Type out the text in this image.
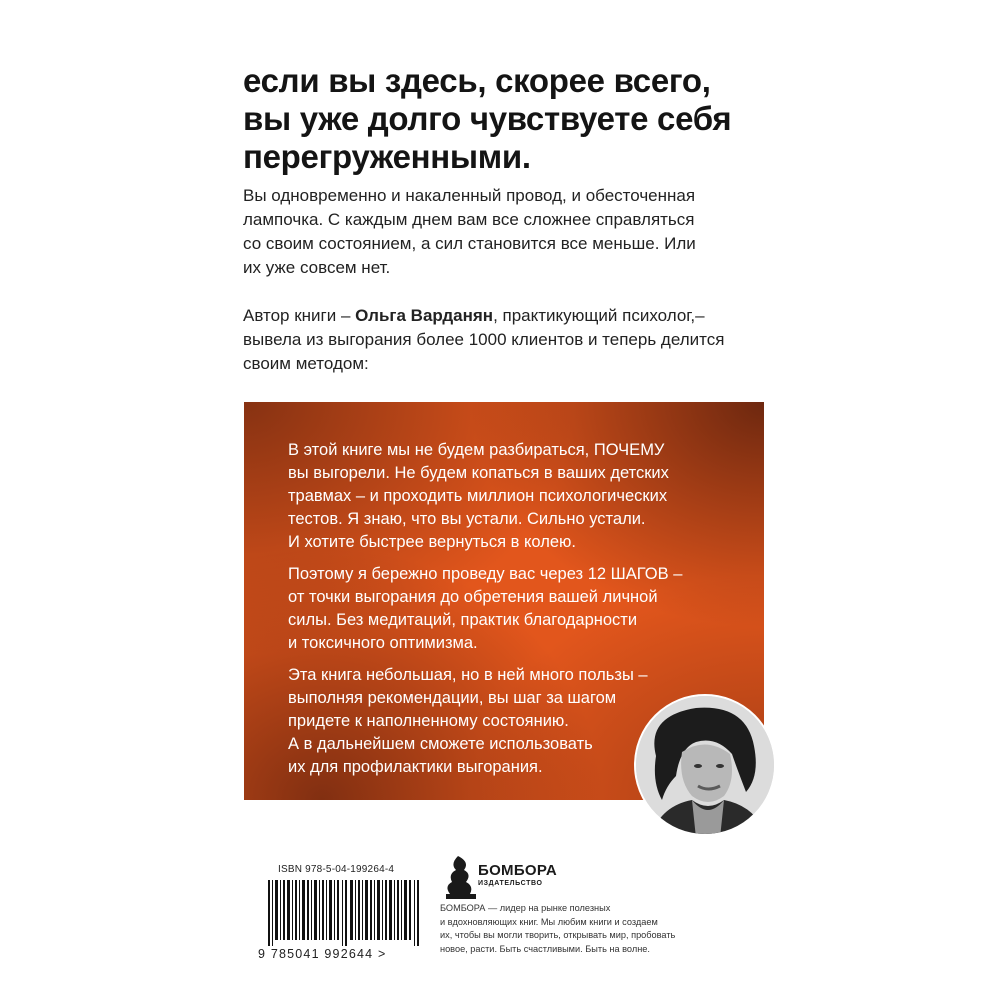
если вы здесь, скорее всего,
вы уже долго чувствуете себя
перегруженными.
Вы одновременно и накаленный провод, и обесточенная
лампочка. С каждым днем вам все сложнее справляться
со своим состоянием, а сил становится все меньше. Или
их уже совсем нет.
Автор книги – Ольга Варданян, практикующий психолог,–
вывела из выгорания более 1000 клиентов и теперь делится
своим методом:
В этой книге мы не будем разбираться, ПОЧЕМУ
вы выгорели. Не будем копаться в ваших детских
травмах – и проходить миллион психологических
тестов. Я знаю, что вы устали. Сильно устали.
И хотите быстрее вернуться в колею.
Поэтому я бережно проведу вас через 12 ШАГОВ –
от точки выгорания до обретения вашей личной
силы. Без медитаций, практик благодарности
и токсичного оптимизма.
Эта книга небольшая, но в ней много пользы –
выполняя рекомендации, вы шаг за шагом
придете к наполненному состоянию.
А в дальнейшем сможете использовать
их для профилактики выгорания.
ISBN 978-5-04-199264-4
9 785041 992644 >
БОМБОРА
ИЗДАТЕЛЬСТВО
БОМБОРА — лидер на рынке полезных
и вдохновляющих книг. Мы любим книги и создаем
их, чтобы вы могли творить, открывать мир, пробовать
новое, расти. Быть счастливыми. Быть на волне.
